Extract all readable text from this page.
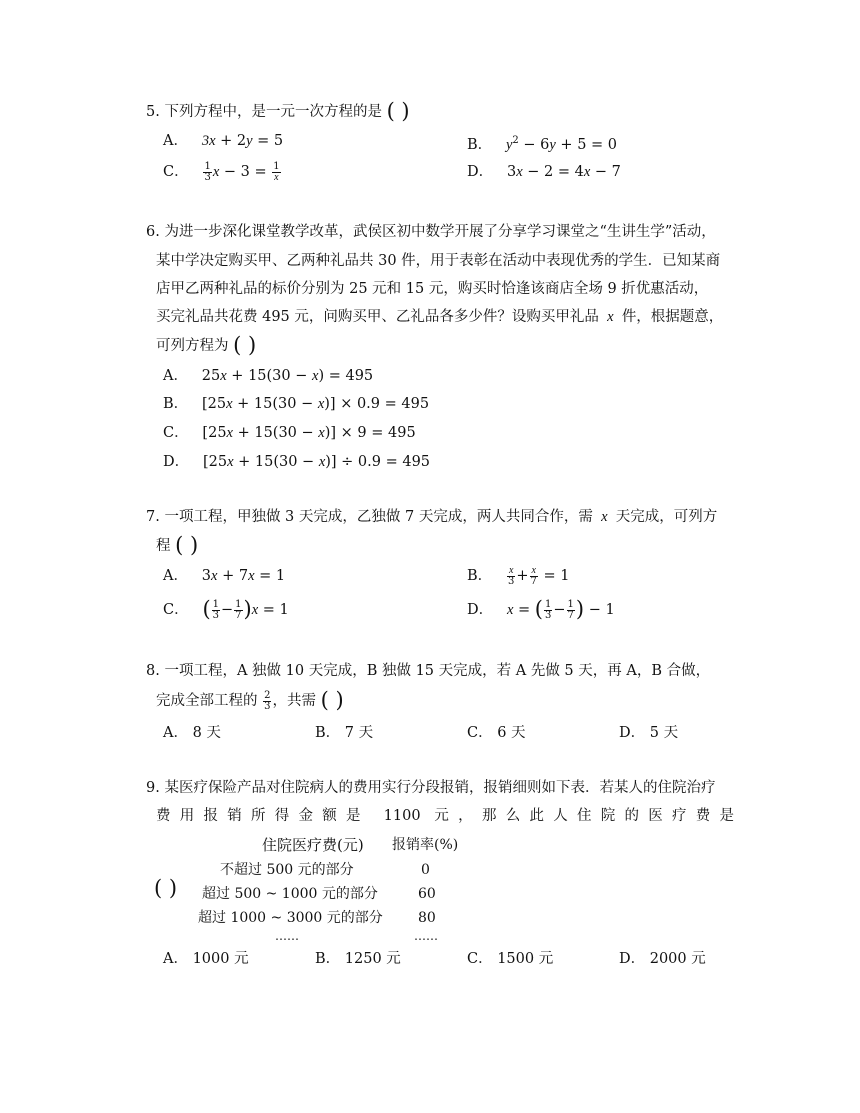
5. 下列方程中，是一元一次方程的是 ( )
A． 3x + 2y = 5	B． $y^2 - 6y + 5 = 0$
C． $\frac{1}{3}$ $x - 3 = \frac{1}{x}$	D．   3x − 2 = 4x − 7
6. 为进一步深化课堂教学改革，武侯区初中数学开展了分享学习课堂之“生讲生学”活动，
某中学决定购买甲、乙两种礼品共 30 件，用于表彰在活动中表现优秀的学生．已知某商
店甲乙两种礼品的标价分别为 25 元和 15 元，购买时恰逢该商店全场 9 折优惠活动，
买完礼品共花费 495 元，问购买甲、乙礼品各多少件？设购买甲礼品  x  件，根据题意，
可列方程为 ( )
A．   25x + 15(30 − x) = 495
B．   [25x + 15(30 − x)] × 0.9 = 495
C．   [25x + 15(30 − x)] × 9 = 495
D．   [25x + 15(30 − x)] ÷ 0.9 = 495
7. 一项工程，甲独做 3 天完成，乙独做 7 天完成，两人共同合作，需  x  天完成，可列方
程 ( )
A．   3x + 7x = 1	B． $\frac{x}{3} + \frac{x}{7} = 1$
C． ( $\frac{1}{3} - \frac{1}{7} )x = 1$	D． x = ( $\frac{1}{3} - \frac{1}{7}$ ) − 1
8. 一项工程，A 独做 10 天完成，B 独做 15 天完成，若 A 先做 5 天，再 A，B 合做，
完成全部工程的 $\frac{2}{3}$ ，共需 ( )
A． 8 天	B． 7 天	C． 6 天	D． 5 天
9. 某医疗保险产品对住院病人的费用实行分段报销，报销细则如下表．若某人的住院治疗
费用报销所得金额是 1100 元，那么此人住院的医疗费是
住院医疗费(元) 报销率(%)
不超过 500 元的部分	0
超过 500 ~ 1000 元的部分	60
超过 1000 ~ 3000 元的部分	80
……	……
( )
A． 1000 元	B． 1250 元	C． 1500 元	D． 2000 元
